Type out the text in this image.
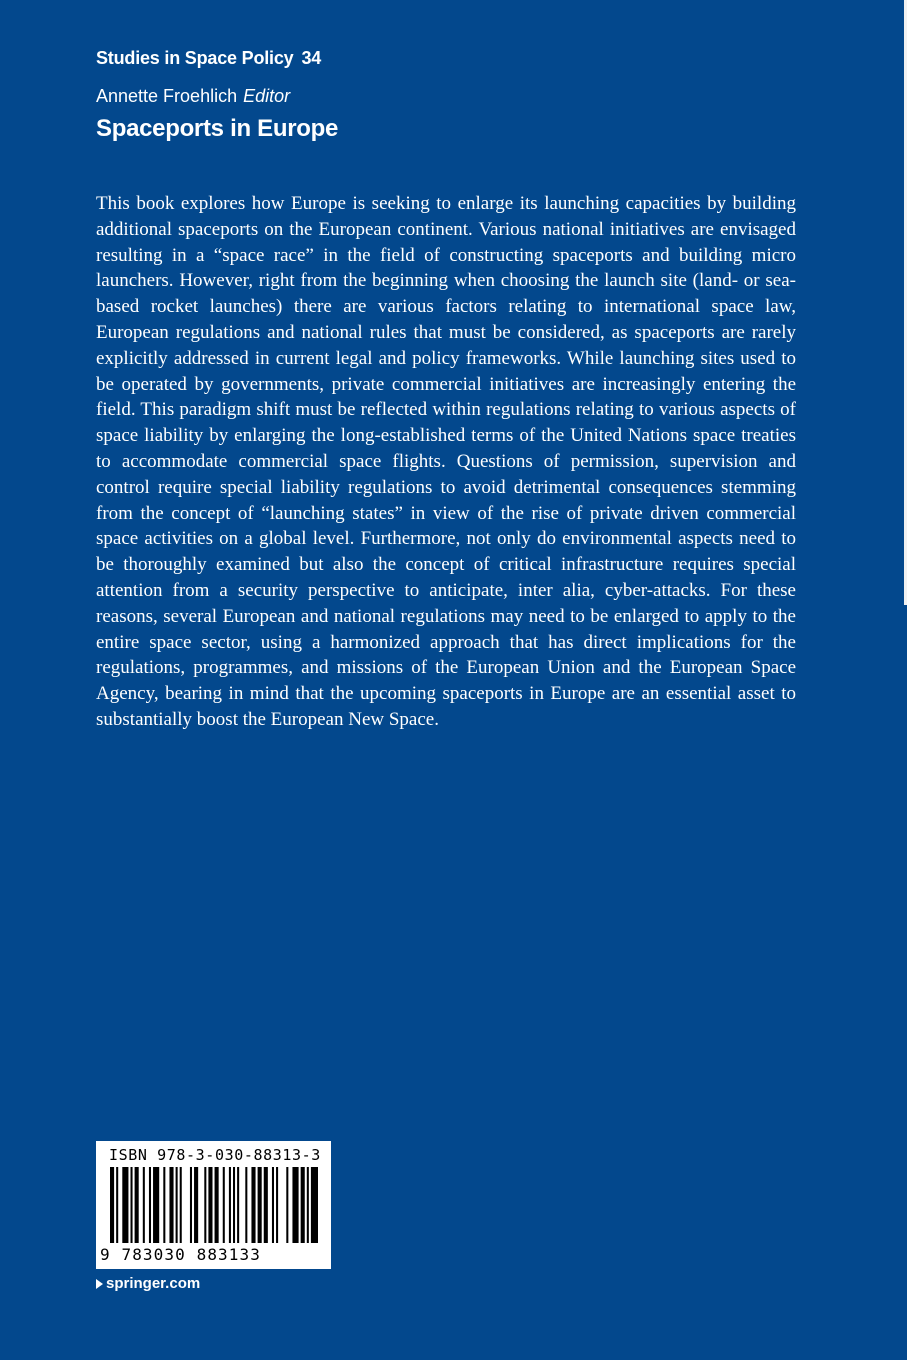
Studies in Space Policy 34
Annette Froehlich Editor
Spaceports in Europe
This book explores how Europe is seeking to enlarge its launching capacities by building additional spaceports on the European continent. Various national initiatives are envisaged resulting in a “space race” in the field of constructing spaceports and building micro launchers. However, right from the beginning when choosing the launch site (land- or sea-based rocket launches) there are various factors relating to international space law, European regulations and national rules that must be considered, as spaceports are rarely explicitly addressed in current legal and policy frameworks. While launching sites used to be operated by governments, private commercial initiatives are increasingly entering the field. This paradigm shift must be reflected within regulations relating to various aspects of space liability by enlarging the long-established terms of the United Nations space treaties to accommodate commercial space flights. Questions of permission, supervision and control require special liability regulations to avoid detrimental consequences stemming from the concept of “launching states” in view of the rise of private driven commercial space activities on a global level. Furthermore, not only do environmental aspects need to be thoroughly examined but also the concept of critical infrastructure requires special attention from a security perspective to anticipate, inter alia, cyber-attacks. For these reasons, several European and national regulations may need to be enlarged to apply to the entire space sector, using a harmonized approach that has direct implications for the regulations, programmes, and missions of the European Union and the European Space Agency, bearing in mind that the upcoming spaceports in Europe are an essential asset to substantially boost the European New Space.
ISBN 978-3-030-88313-3
9 783030 883133
springer.com
